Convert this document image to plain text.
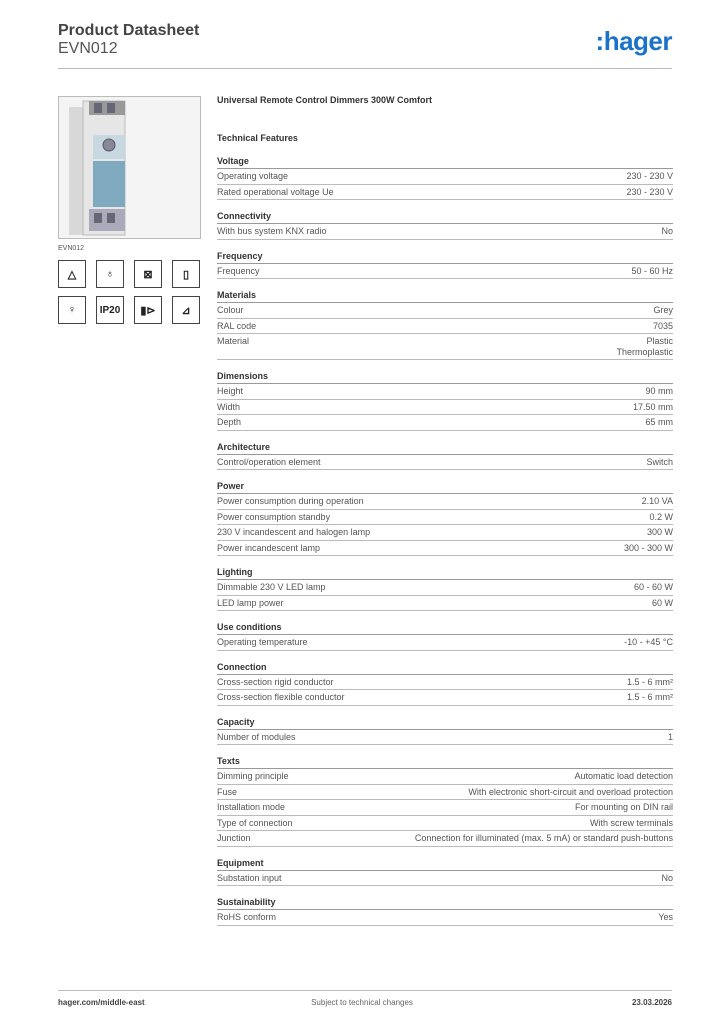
Product Datasheet
EVN012	:hager
EVN012
△	♁	⊠	▯
♀	IP20	▮⊳	⊿
Universal Remote Control Dimmers 300W Comfort
Technical Features
Voltage
Operating voltage	230 - 230 V
Rated operational voltage Ue	230 - 230 V
Connectivity
With bus system KNX radio	No
Frequency
Frequency	50 - 60 Hz
Materials
Colour	Grey
RAL code	7035
Material	Plastic
Thermoplastic
Dimensions
Height	90 mm
Width	17.50 mm
Depth	65 mm
Architecture
Control/operation element	Switch
Power
Power consumption during operation	2.10 VA
Power consumption standby	0.2 W
230 V incandescent and halogen lamp	300 W
Power incandescent lamp	300 - 300 W
Lighting
Dimmable 230 V LED lamp	60 - 60 W
LED lamp power	60 W
Use conditions
Operating temperature	-10 - +45 °C
Connection
Cross-section rigid conductor	1.5 - 6 mm²
Cross-section flexible conductor	1.5 - 6 mm²
Capacity
Number of modules	1
Texts
Dimming principle	Automatic load detection
Fuse	With electronic short-circuit and overload protection
Installation mode	For mounting on DIN rail
Type of connection	With screw terminals
Junction	Connection for illuminated (max. 5 mA) or standard push-buttons
Equipment
Substation input	No
Sustainability
RoHS conform	Yes
hager.com/middle-east	Subject to technical changes	23.03.2026
